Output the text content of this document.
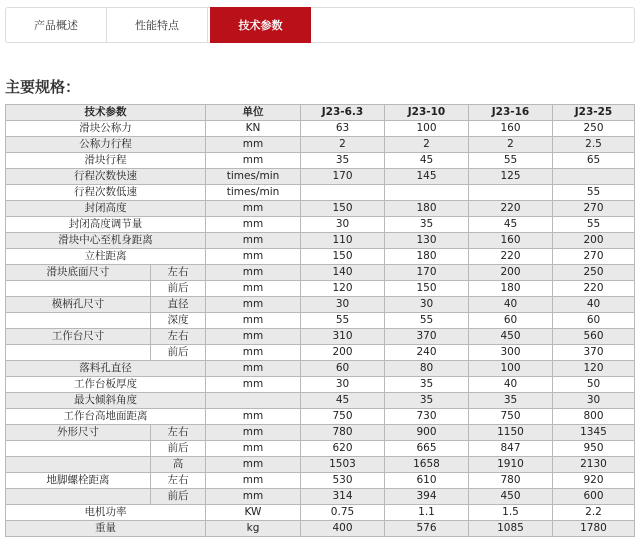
产品概述	性能特点	技术参数
主要规格：
技术参数		单位	J23-6.3	J23-10	J23-16	J23-25
滑块公称力		KN	63	100	160	250
公称力行程		mm	2	2	2	2.5
滑块行程		mm	35	45	55	65
行程次数快速		times/min	170	145	125	
行程次数低速		times/min				55
封闭高度		mm	150	180	220	270
封闭高度调节量		mm	30	35	45	55
滑块中心至机身距离		mm	110	130	160	200
立柱距离		mm	150	180	220	270
滑块底面尺寸	左右	mm	140	170	200	250
	前后	mm	120	150	180	220
模柄孔尺寸	直径	mm	30	30	40	40
	深度	mm	55	55	60	60
工作台尺寸	左右	mm	310	370	450	560
	前后	mm	200	240	300	370
落料孔直径		mm	60	80	100	120
工作台板厚度		mm	30	35	40	50
最大倾斜角度			45	35	35	30
工作台高地面距离		mm	750	730	750	800
外形尺寸	左右	mm	780	900	1150	1345
	前后	mm	620	665	847	950
	高	mm	1503	1658	1910	2130
地脚螺栓距离	左右	mm	530	610	780	920
	前后	mm	314	394	450	600
电机功率		KW	0.75	1.1	1.5	2.2
重量		kg	400	576	1085	1780
